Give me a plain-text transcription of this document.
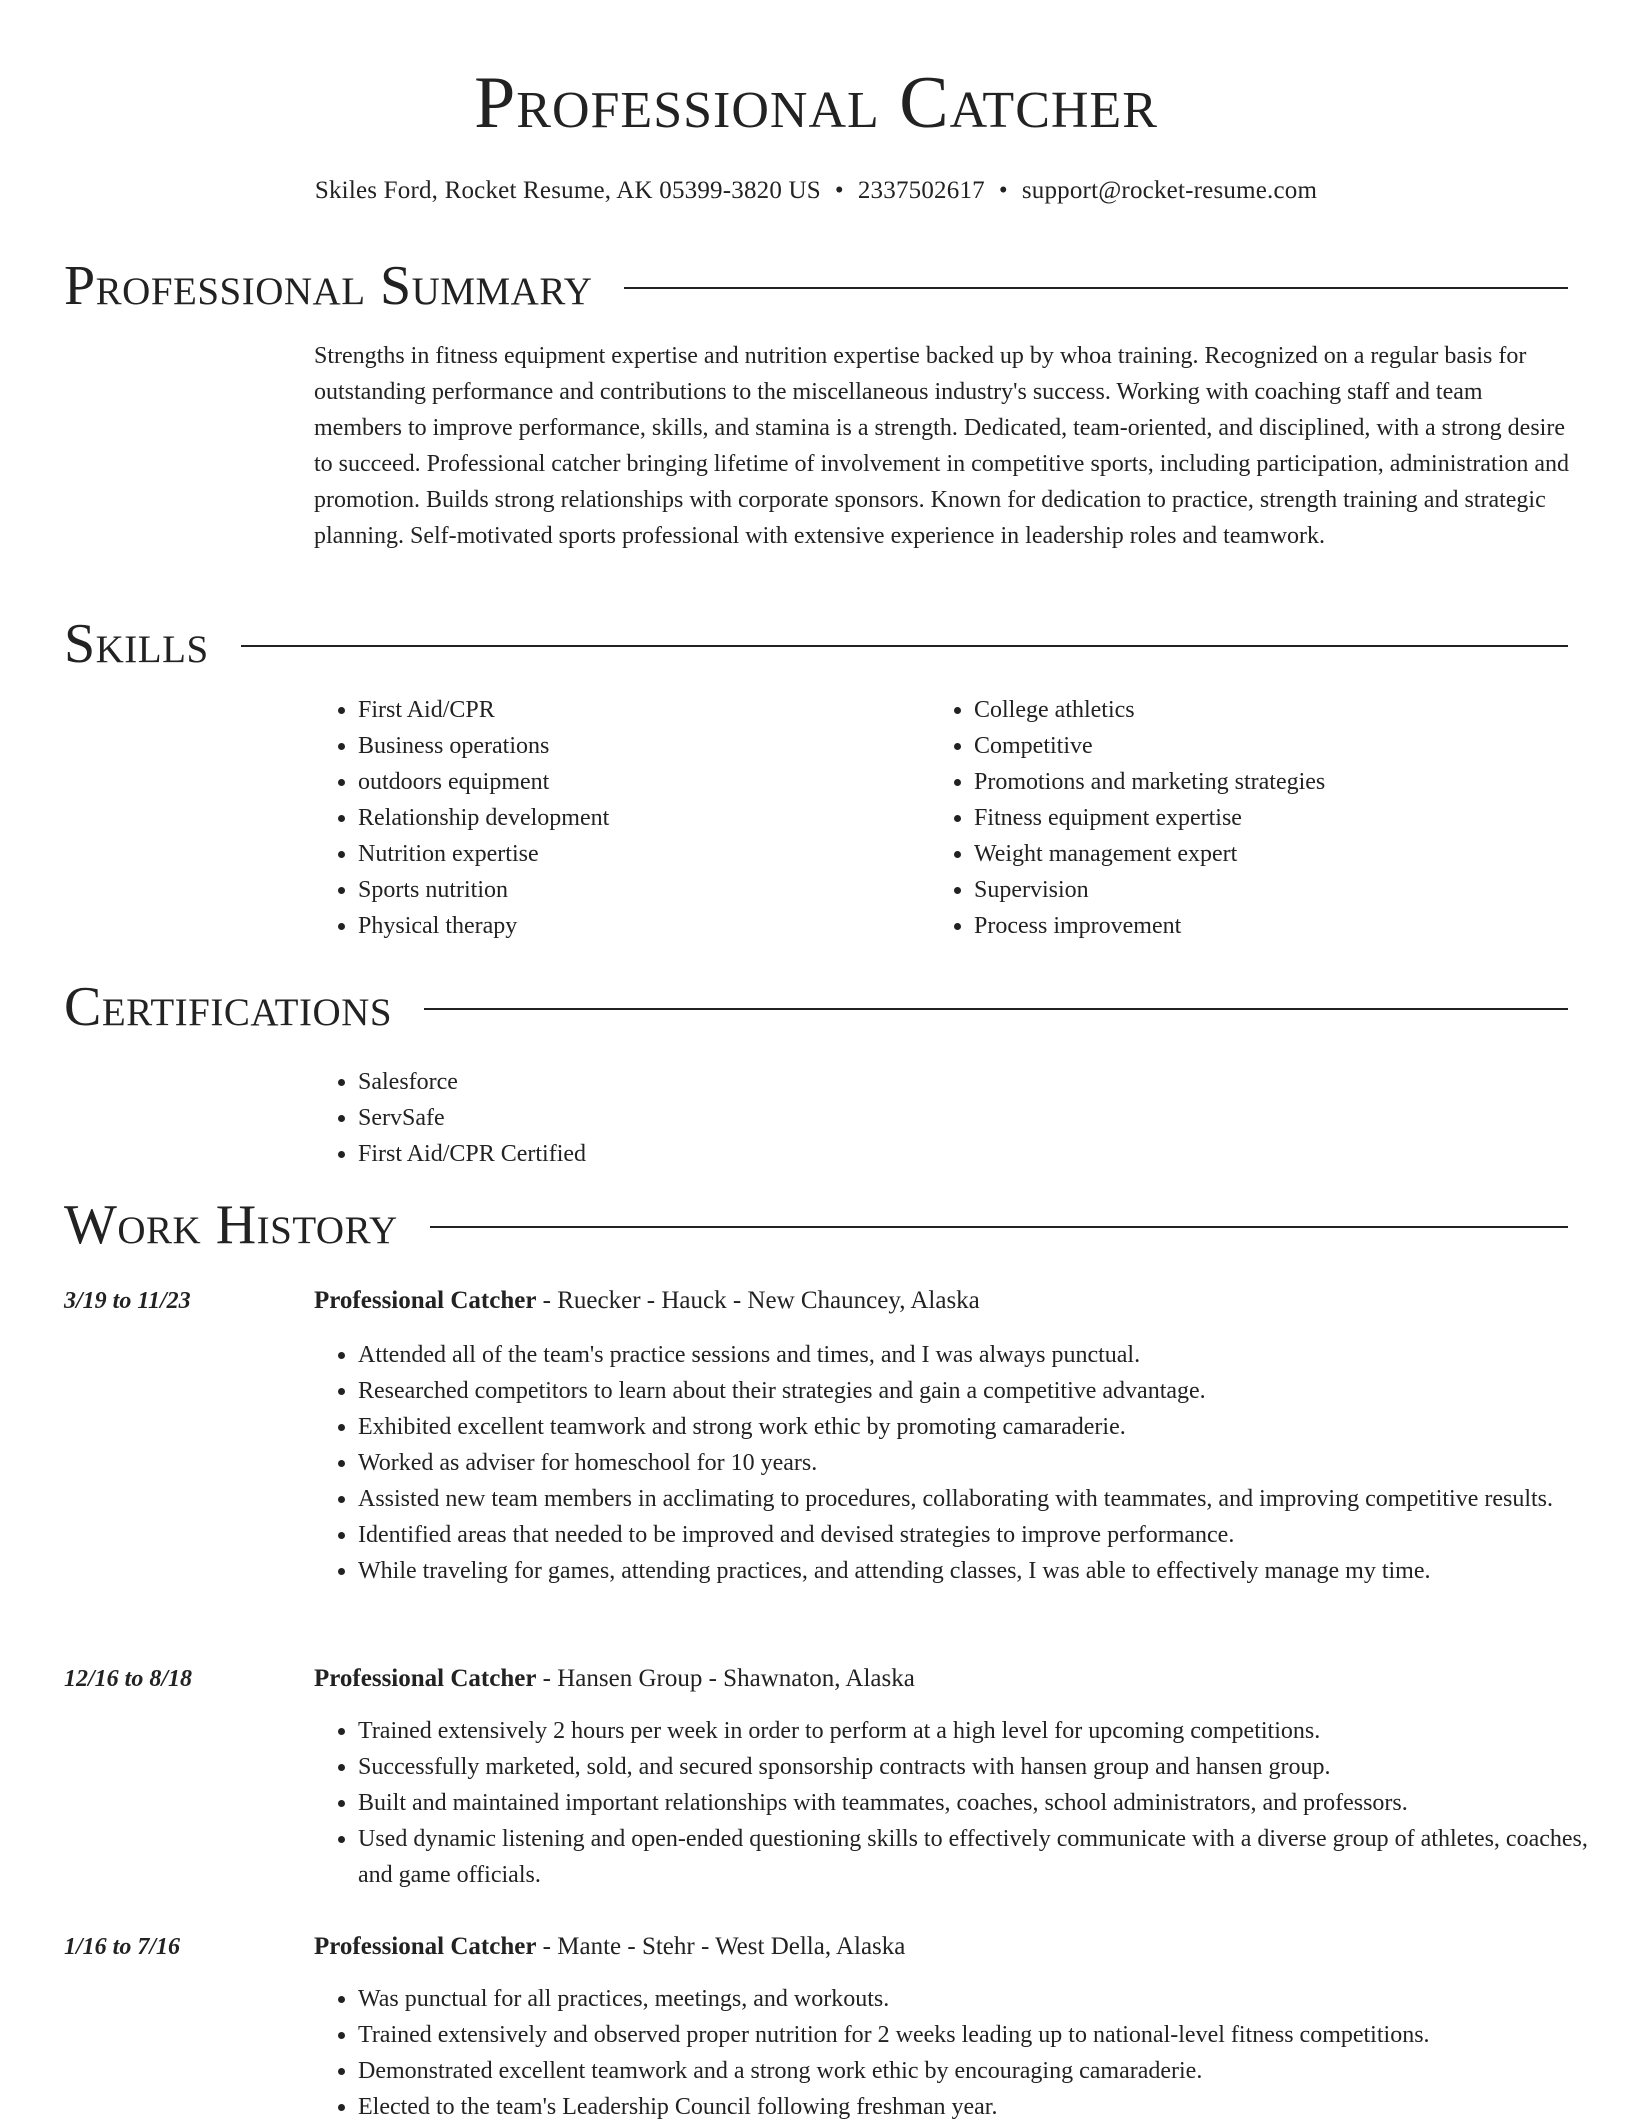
Professional Catcher
Skiles Ford, Rocket Resume, AK 05399-3820 US • 2337502617 • support@rocket-resume.com
Professional Summary

Strengths in fitness equipment expertise and nutrition expertise backed up by whoa training. Recognized on a regular basis for outstanding performance and contributions to the miscellaneous industry's success. Working with coaching staff and team members to improve performance, skills, and stamina is a strength. Dedicated, team-oriented, and disciplined, with a strong desire to succeed. Professional catcher bringing lifetime of involvement in competitive sports, including participation, administration and promotion. Builds strong relationships with corporate sponsors. Known for dedication to practice, strength training and strategic planning. Self-motivated sports professional with extensive experience in leadership roles and teamwork.

Skills
• First Aid/CPR
• Business operations
• outdoors equipment
• Relationship development
• Nutrition expertise
• Sports nutrition
• Physical therapy
• College athletics
• Competitive
• Promotions and marketing strategies
• Fitness equipment expertise
• Weight management expert
• Supervision
• Process improvement
Certifications
• Salesforce
• ServSafe
• First Aid/CPR Certified
Work History
3/19 to 11/23	Professional Catcher - Ruecker - Hauck - New Chauncey, Alaska
• Attended all of the team's practice sessions and times, and I was always punctual.
• Researched competitors to learn about their strategies and gain a competitive advantage.
• Exhibited excellent teamwork and strong work ethic by promoting camaraderie.
• Worked as adviser for homeschool for 10 years.
• Assisted new team members in acclimating to procedures, collaborating with teammates, and improving competitive results.
• Identified areas that needed to be improved and devised strategies to improve performance.
• While traveling for games, attending practices, and attending classes, I was able to effectively manage my time.
12/16 to 8/18	Professional Catcher - Hansen Group - Shawnaton, Alaska
• Trained extensively 2 hours per week in order to perform at a high level for upcoming competitions.
• Successfully marketed, sold, and secured sponsorship contracts with hansen group and hansen group.
• Built and maintained important relationships with teammates, coaches, school administrators, and professors.
• Used dynamic listening and open-ended questioning skills to effectively communicate with a diverse group of athletes, coaches, and game officials.
1/16 to 7/16	Professional Catcher - Mante - Stehr - West Della, Alaska
• Was punctual for all practices, meetings, and workouts.
• Trained extensively and observed proper nutrition for 2 weeks leading up to national-level fitness competitions.
• Demonstrated excellent teamwork and a strong work ethic by encouraging camaraderie.
• Elected to the team's Leadership Council following freshman year.
